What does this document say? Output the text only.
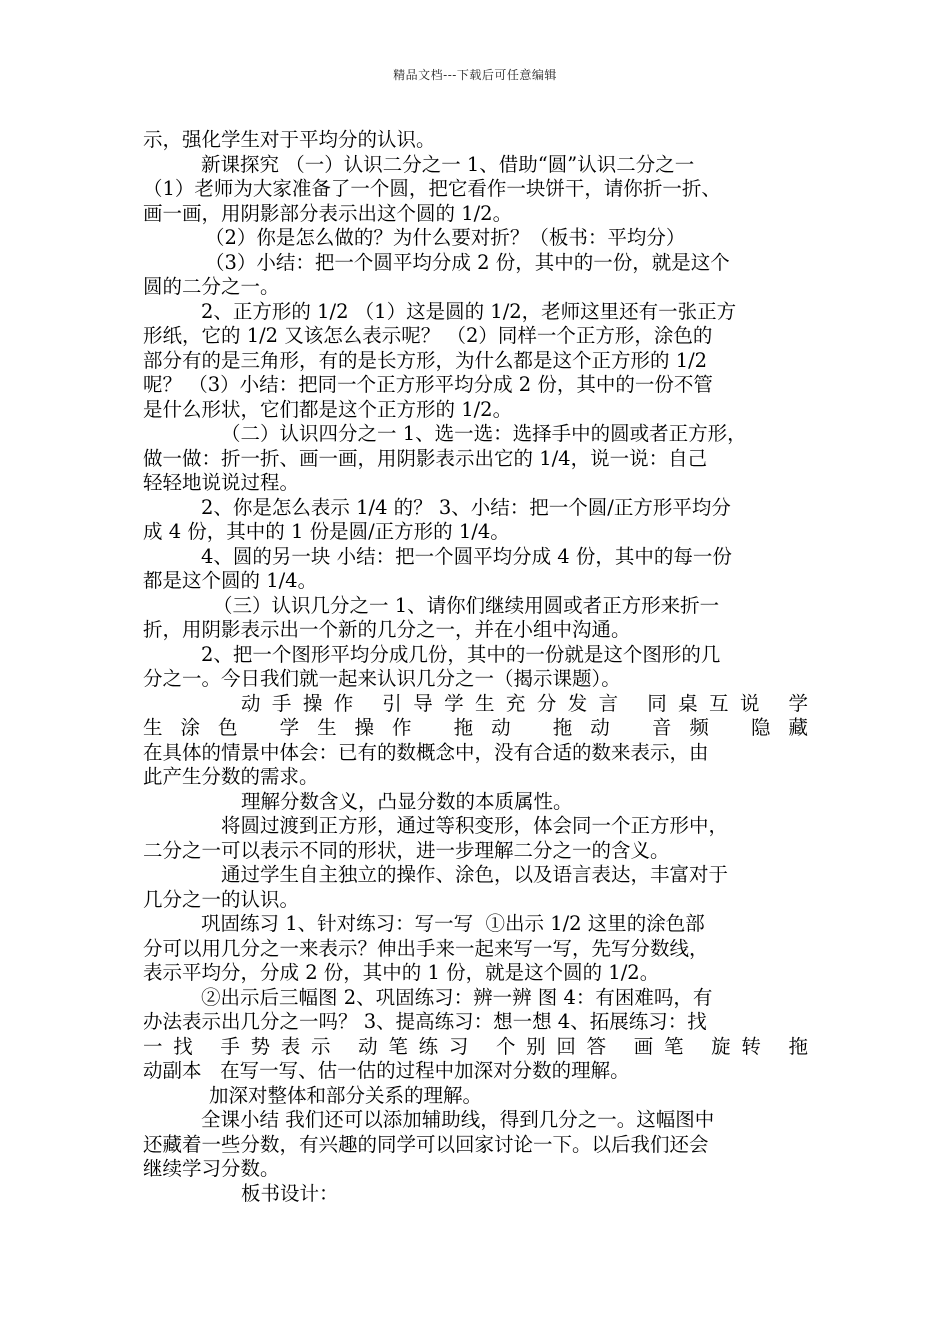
精品文档---下载后可任意编辑
示，强化学生对于平均分的认识。
新课探究 （一）认识二分之一 1、借助“圆”认识二分之一
（1）老师为大家准备了一个圆，把它看作一块饼干，请你折一折、
画一画，用阴影部分表示出这个圆的 1/2。
（2）你是怎么做的？为什么要对折？（板书：平均分）
（3）小结：把一个圆平均分成 2 份，其中的一份，就是这个
圆的二分之一。
2、正方形的 1/2 （1）这是圆的 1/2，老师这里还有一张正方
形纸，它的 1/2 又该怎么表示呢？ （2）同样一个正方形，涂色的
部分有的是三角形，有的是长方形，为什么都是这个正方形的 1/2
呢？ （3）小结：把同一个正方形平均分成 2 份，其中的一份不管
是什么形状，它们都是这个正方形的 1/2。
（二）认识四分之一 1、选一选：选择手中的圆或者正方形，
做一做：折一折、画一画，用阴影表示出它的 1/4，说一说：自己
轻轻地说说过程。
2、你是怎么表示 1/4 的？ 3、小结：把一个圆/正方形平均分
成 4 份，其中的 1 份是圆/正方形的 1/4。
4、圆的另一块 小结：把一个圆平均分成 4 份，其中的每一份
都是这个圆的 1/4。
（三）认识几分之一 1、请你们继续用圆或者正方形来折一
折，用阴影表示出一个新的几分之一，并在小组中沟通。
2、把一个图形平均分成几份，其中的一份就是这个图形的几
分之一。今日我们就一起来认识几分之一（揭示课题）。
动手操作 引导学生充分发言 同桌互说 学
生涂色 学生操作 拖动 拖动 音频 隐藏
在具体的情景中体会：已有的数概念中，没有合适的数来表示，由
此产生分数的需求。
理解分数含义，凸显分数的本质属性。
将圆过渡到正方形，通过等积变形，体会同一个正方形中，
二分之一可以表示不同的形状，进一步理解二分之一的含义。
通过学生自主独立的操作、涂色，以及语言表达，丰富对于
几分之一的认识。
巩固练习 1、针对练习：写一写  ①出示 1/2 这里的涂色部
分可以用几分之一来表示？伸出手来一起来写一写，先写分数线，
表示平均分，分成 2 份，其中的 1 份，就是这个圆的 1/2。
②出示后三幅图 2、巩固练习：辨一辨 图 4：有困难吗，有
办法表示出几分之一吗？ 3、提高练习：想一想 4、拓展练习：找
一找 手势表示 动笔练习 个别回答 画笔 旋转 拖
动副本   在写一写、估一估的过程中加深对分数的理解。
加深对整体和部分关系的理解。
全课小结 我们还可以添加辅助线，得到几分之一。这幅图中
还藏着一些分数，有兴趣的同学可以回家讨论一下。以后我们还会
继续学习分数。
板书设计：
